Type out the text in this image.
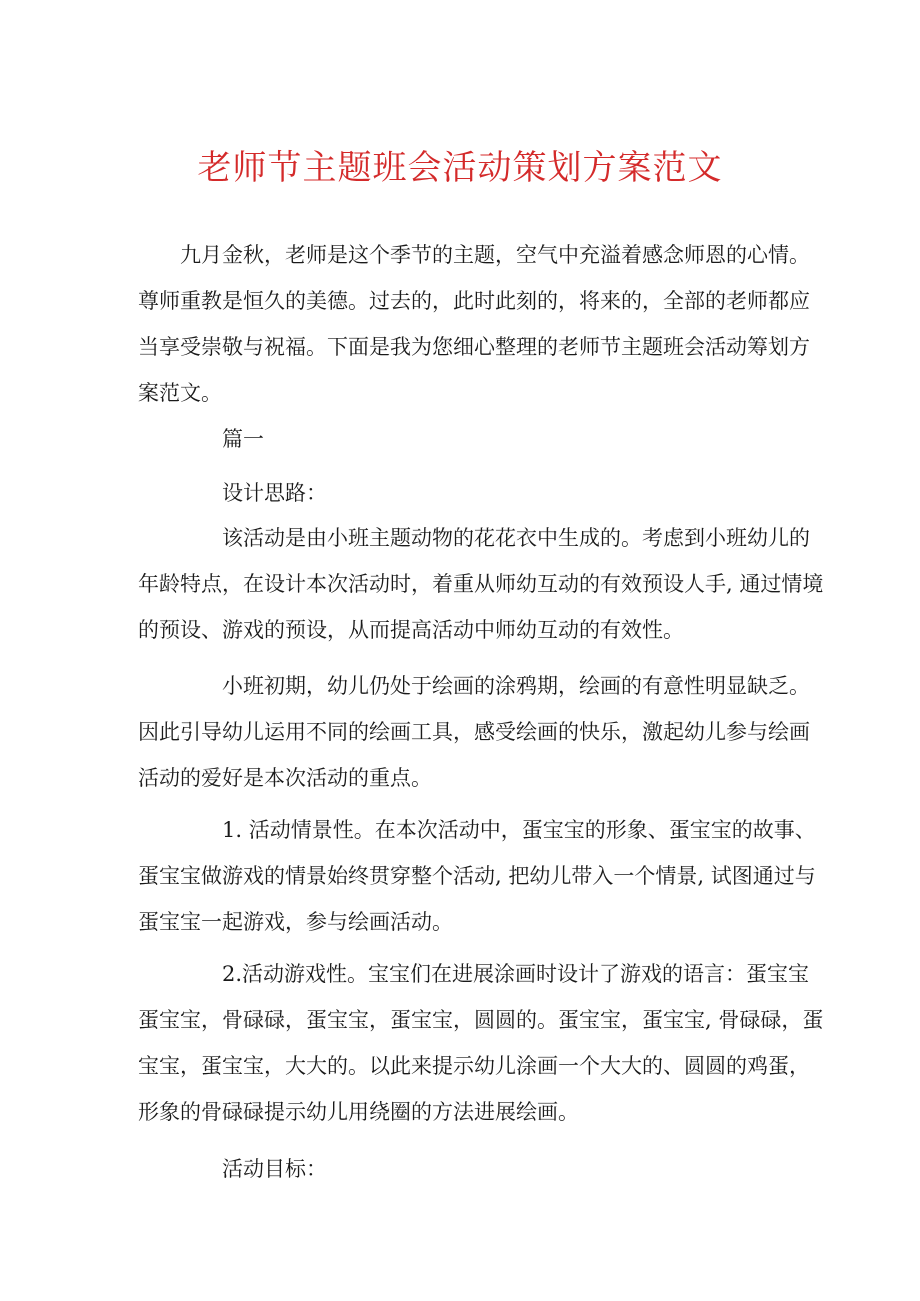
老师节主题班会活动策划方案范文
九月金秋，老师是这个季节的主题，空气中充溢着感念师恩的心情。
尊师重教是恒久的美德。过去的，此时此刻的，将来的，全部的老师都应
当享受崇敬与祝福。下面是我为您细心整理的老师节主题班会活动筹划方
案范文。
篇一
设计思路：
该活动是由小班主题动物的花花衣中生成的。考虑到小班幼儿的
年龄特点，在设计本次活动时，着重从师幼互动的有效预设人手, 通过情境
的预设、游戏的预设，从而提高活动中师幼互动的有效性。
小班初期，幼儿仍处于绘画的涂鸦期，绘画的有意性明显缺乏。
因此引导幼儿运用不同的绘画工具，感受绘画的快乐，激起幼儿参与绘画
活动的爱好是本次活动的重点。
1. 活动情景性。在本次活动中，蛋宝宝的形象、蛋宝宝的故事、
蛋宝宝做游戏的情景始终贯穿整个活动, 把幼儿带入一个情景, 试图通过与
蛋宝宝一起游戏，参与绘画活动。
2.活动游戏性。宝宝们在进展涂画时设计了游戏的语言：蛋宝宝
蛋宝宝，骨碌碌，蛋宝宝，蛋宝宝，圆圆的。蛋宝宝，蛋宝宝, 骨碌碌，蛋
宝宝，蛋宝宝，大大的。以此来提示幼儿涂画一个大大的、圆圆的鸡蛋，
形象的骨碌碌提示幼儿用绕圈的方法进展绘画。
活动目标：
